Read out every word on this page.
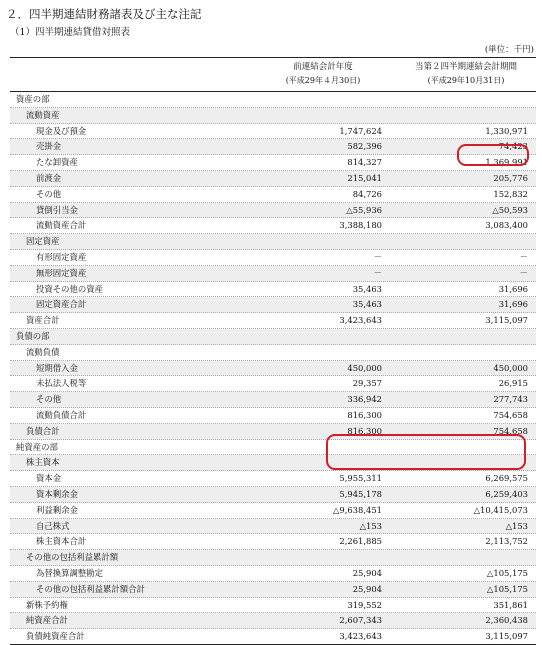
２．四半期連結財務諸表及び主な注記
（1）四半期連結貸借対照表
(単位：千円)
前連結会計年度
(平成29年４月30日)
当第２四半期連結会計期間
(平成29年10月31日)
資産の部
流動資産
現金及び預金	1,747,624	1,330,971
売掛金	582,396	74,423
たな卸資産	814,327	1,369,991
前渡金	215,041	205,776
その他	84,726	152,832
貸倒引当金	△55,936	△50,593
流動資産合計	3,388,180	3,083,400
固定資産
有形固定資産	－	－
無形固定資産	－	－
投資その他の資産	35,463	31,696
固定資産合計	35,463	31,696
資産合計	3,423,643	3,115,097
負債の部
流動負債
短期借入金	450,000	450,000
未払法人税等	29,357	26,915
その他	336,942	277,743
流動負債合計	816,300	754,658
負債合計	816,300	754,658
純資産の部
株主資本
資本金	5,955,311	6,269,575
資本剰余金	5,945,178	6,259,403
利益剰余金	△9,638,451	△10,415,073
自己株式	△153	△153
株主資本合計	2,261,885	2,113,752
その他の包括利益累計額
為替換算調整勘定	25,904	△105,175
その他の包括利益累計額合計	25,904	△105,175
新株予約権	319,552	351,861
純資産合計	2,607,343	2,360,438
負債純資産合計	3,423,643	3,115,097
